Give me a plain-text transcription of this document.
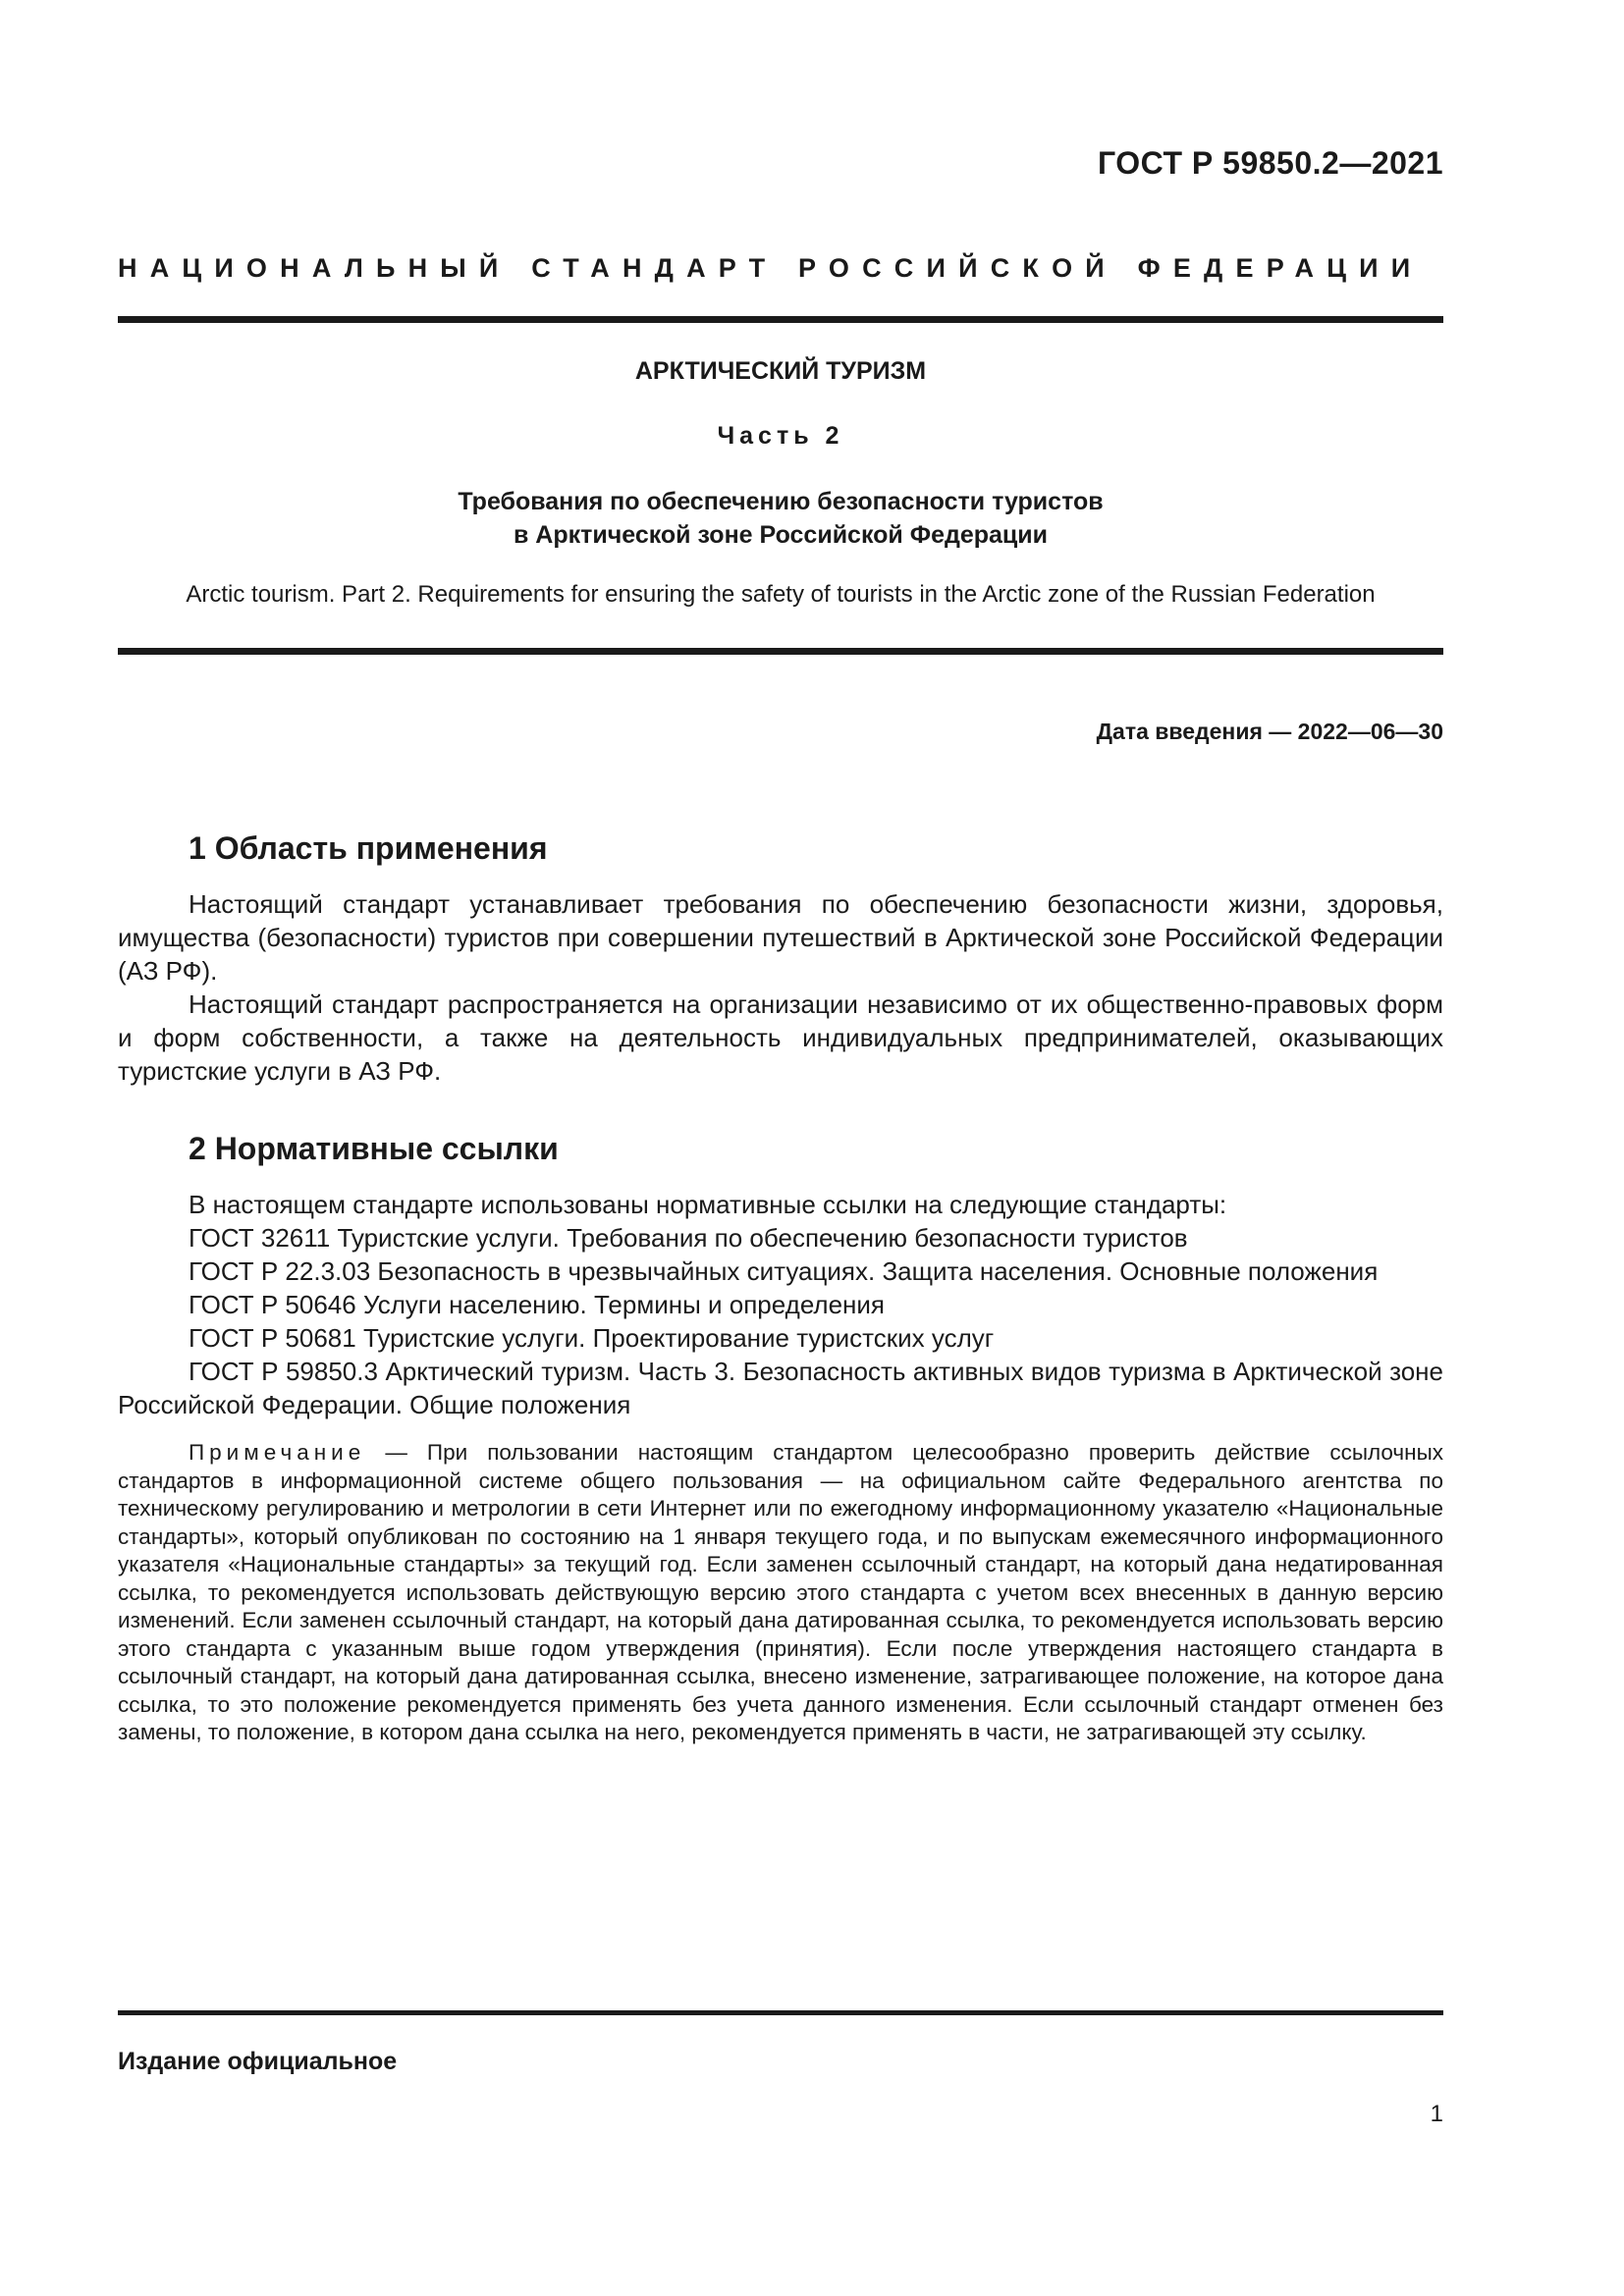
ГОСТ Р 59850.2—2021
НАЦИОНАЛЬНЫЙ СТАНДАРТ РОССИЙСКОЙ ФЕДЕРАЦИИ
АРКТИЧЕСКИЙ ТУРИЗМ
Часть 2
Требования по обеспечению безопасности туристов
в Арктической зоне Российской Федерации
Arctic tourism. Part 2. Requirements for ensuring the safety of tourists in the Arctic zone of the Russian Federation
Дата введения — 2022—06—30
1 Область применения

Настоящий стандарт устанавливает требования по обеспечению безопасности жизни, здоровья, имущества (безопасности) туристов при совершении путешествий в Арктической зоне Российской Федерации (АЗ РФ).

Настоящий стандарт распространяется на организации независимо от их общественно-правовых форм и форм собственности, а также на деятельность индивидуальных предпринимателей, оказывающих туристские услуги в АЗ РФ.

2 Нормативные ссылки

В настоящем стандарте использованы нормативные ссылки на следующие стандарты:

ГОСТ 32611 Туристские услуги. Требования по обеспечению безопасности туристов

ГОСТ Р 22.3.03 Безопасность в чрезвычайных ситуациях. Защита населения. Основные положения

ГОСТ Р 50646 Услуги населению. Термины и определения

ГОСТ Р 50681 Туристские услуги. Проектирование туристских услуг

ГОСТ Р 59850.3 Арктический туризм. Часть 3. Безопасность активных видов туризма в Арктической зоне Российской Федерации. Общие положения

Примечание — При пользовании настоящим стандартом целесообразно проверить действие ссылочных стандартов в информационной системе общего пользования — на официальном сайте Федерального агентства по техническому регулированию и метрологии в сети Интернет или по ежегодному информационному указателю «Национальные стандарты», который опубликован по состоянию на 1 января текущего года, и по выпускам ежемесячного информационного указателя «Национальные стандарты» за текущий год. Если заменен ссылочный стандарт, на который дана недатированная ссылка, то рекомендуется использовать действующую версию этого стандарта с учетом всех внесенных в данную версию изменений. Если заменен ссылочный стандарт, на который дана датированная ссылка, то рекомендуется использовать версию этого стандарта с указанным выше годом утверждения (принятия). Если после утверждения настоящего стандарта в ссылочный стандарт, на который дана датированная ссылка, внесено изменение, затрагивающее положение, на которое дана ссылка, то это положение рекомендуется применять без учета данного изменения. Если ссылочный стандарт отменен без замены, то положение, в котором дана ссылка на него, рекомендуется применять в части, не затрагивающей эту ссылку.

Издание официальное
1
